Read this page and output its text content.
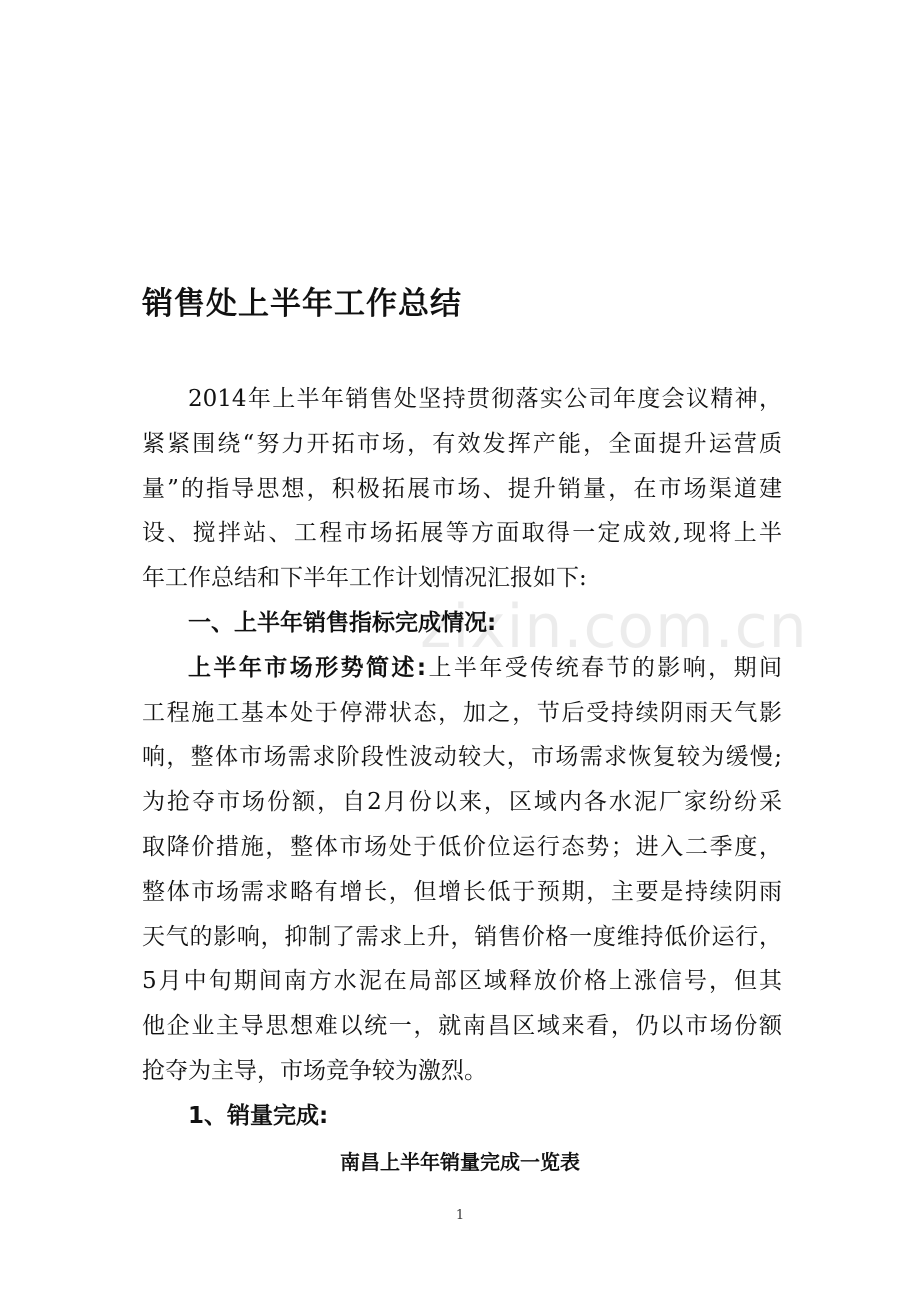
销售处上半年工作总结
2014年上半年销售处坚持贯彻落实公司年度会议精神，
紧紧围绕“努力开拓市场，有效发挥产能，全面提升运营质
量”的指导思想，积极拓展市场、提升销量，在市场渠道建
设、搅拌站、工程市场拓展等方面取得一定成效,现将上半
年工作总结和下半年工作计划情况汇报如下:
一、上半年销售指标完成情况:
上半年市场形势简述:上半年受传统春节的影响，期间
工程施工基本处于停滞状态，加之，节后受持续阴雨天气影
响，整体市场需求阶段性波动较大，市场需求恢复较为缓慢;
为抢夺市场份额，自2月份以来，区域内各水泥厂家纷纷采
取降价措施，整体市场处于低价位运行态势；进入二季度，
整体市场需求略有增长，但增长低于预期，主要是持续阴雨
天气的影响，抑制了需求上升，销售价格一度维持低价运行，
5月中旬期间南方水泥在局部区域释放价格上涨信号，但其
他企业主导思想难以统一，就南昌区域来看，仍以市场份额
抢夺为主导，市场竞争较为激烈。
1、销量完成:
南昌上半年销量完成一览表
1
zixin.com.cn
